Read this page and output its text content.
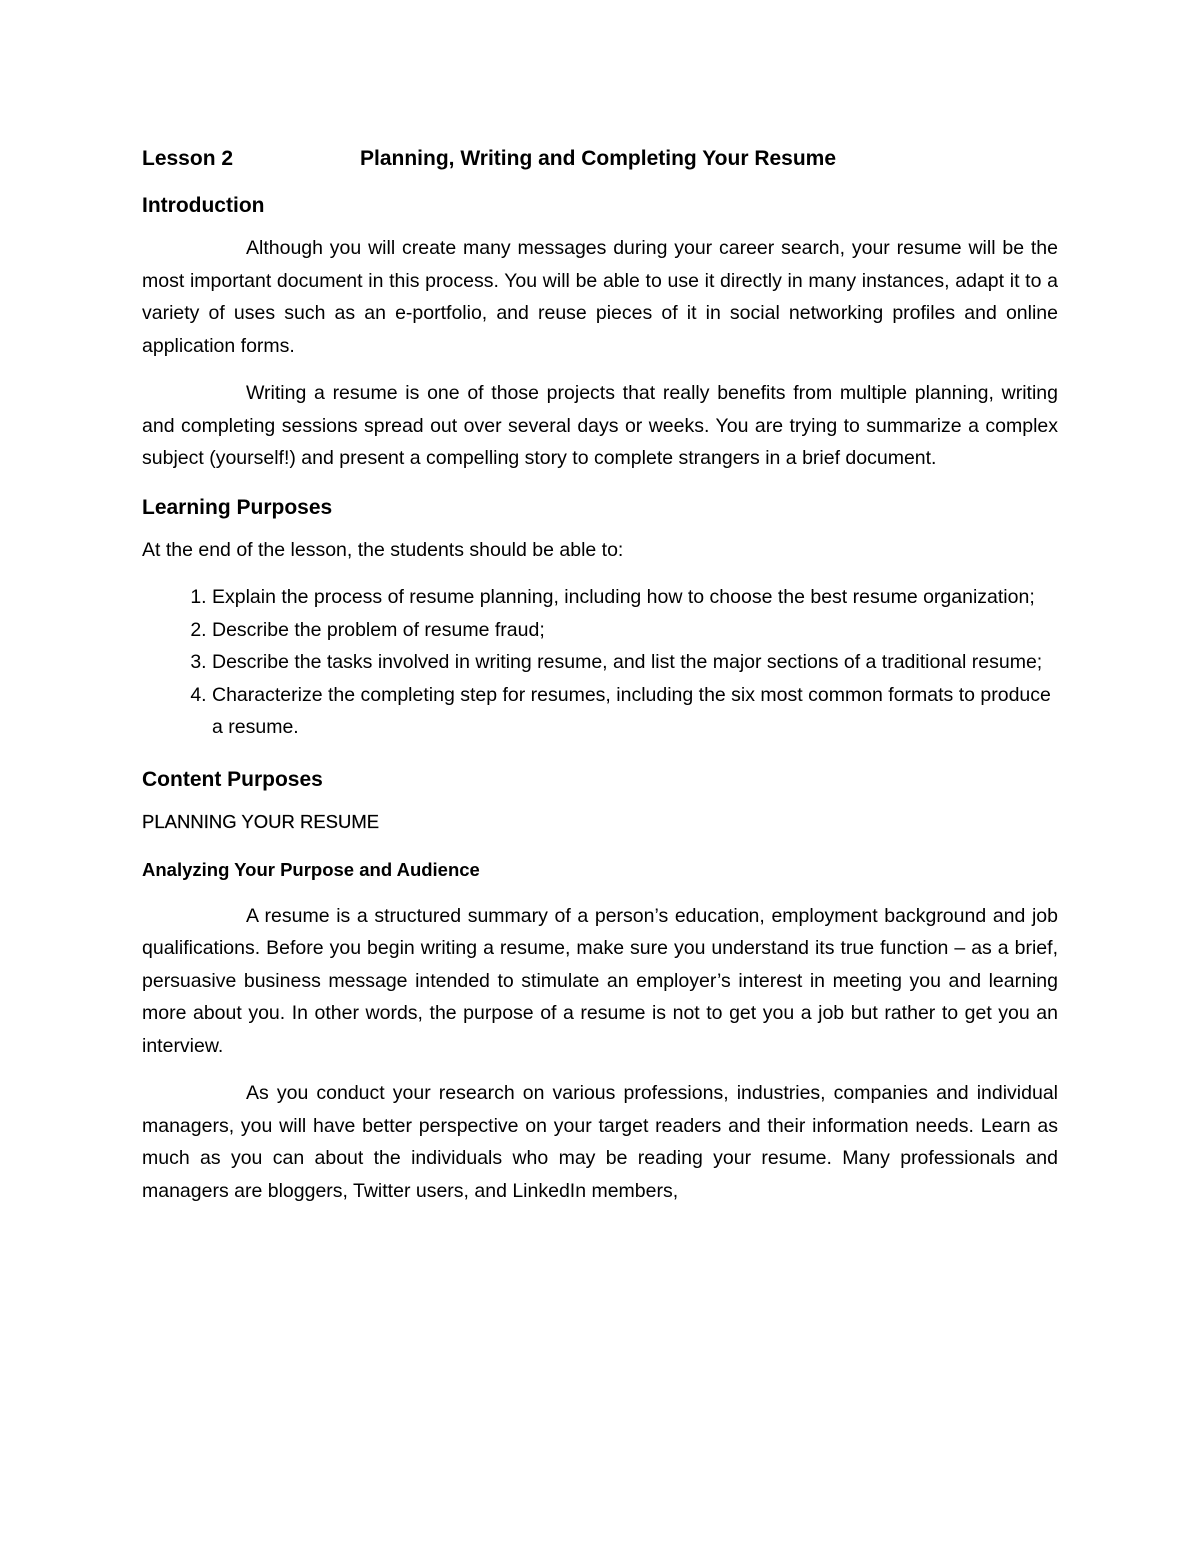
Lesson 2	Planning, Writing and Completing Your Resume
Introduction

Although you will create many messages during your career search, your resume will be the most important document in this process. You will be able to use it directly in many instances, adapt it to a variety of uses such as an e-portfolio, and reuse pieces of it in social networking profiles and online application forms.

Writing a resume is one of those projects that really benefits from multiple planning, writing and completing sessions spread out over several days or weeks. You are trying to summarize a complex subject (yourself!) and present a compelling story to complete strangers in a brief document.

Learning Purposes

At the end of the lesson, the students should be able to:

1. Explain the process of resume planning, including how to choose the best resume organization;
2. Describe the problem of resume fraud;
3. Describe the tasks involved in writing resume, and list the major sections of a traditional resume;
4. Characterize the completing step for resumes, including the six most common formats to produce a resume.
Content Purposes
PLANNING YOUR RESUME
Analyzing Your Purpose and Audience

A resume is a structured summary of a person’s education, employment background and job qualifications. Before you begin writing a resume, make sure you understand its true function – as a brief, persuasive business message intended to stimulate an employer’s interest in meeting you and learning more about you. In other words, the purpose of a resume is not to get you a job but rather to get you an interview.

As you conduct your research on various professions, industries, companies and individual managers, you will have better perspective on your target readers and their information needs. Learn as much as you can about the individuals who may be reading your resume. Many professionals and managers are bloggers, Twitter users, and LinkedIn members,
